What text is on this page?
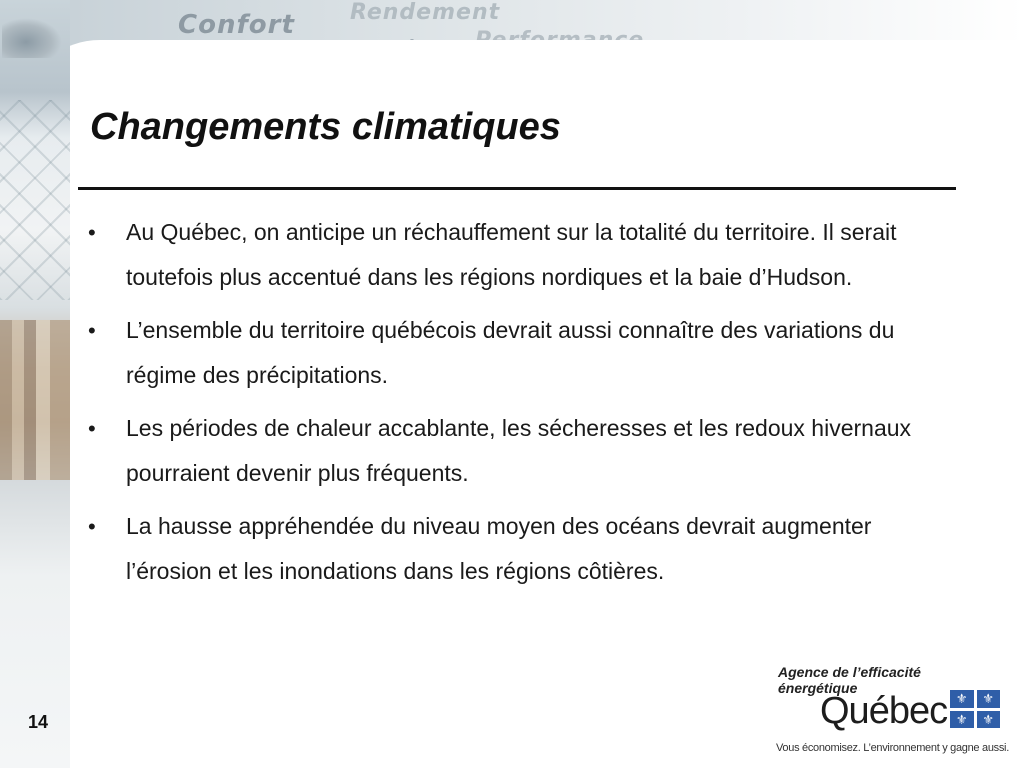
Confort	Rendement
Changements climatiques
• Au Québec, on anticipe un réchauffement sur la totalité du territoire. Il serait toutefois plus accentué dans les régions nordiques et la baie d’Hudson.
• L’ensemble du territoire québécois devrait aussi connaître des variations du régime des précipitations.
• Les périodes de chaleur accablante, les sécheresses et les redoux hivernaux pourraient devenir plus fréquents.
• La hausse appréhendée du niveau moyen des océans devrait augmenter l’érosion et les inondations dans les régions côtières.
14
Agence de l’efficacité
énergétique
Québec ⚜	⚜
⚜	⚜
Vous économisez. L’environnement y gagne aussi.
